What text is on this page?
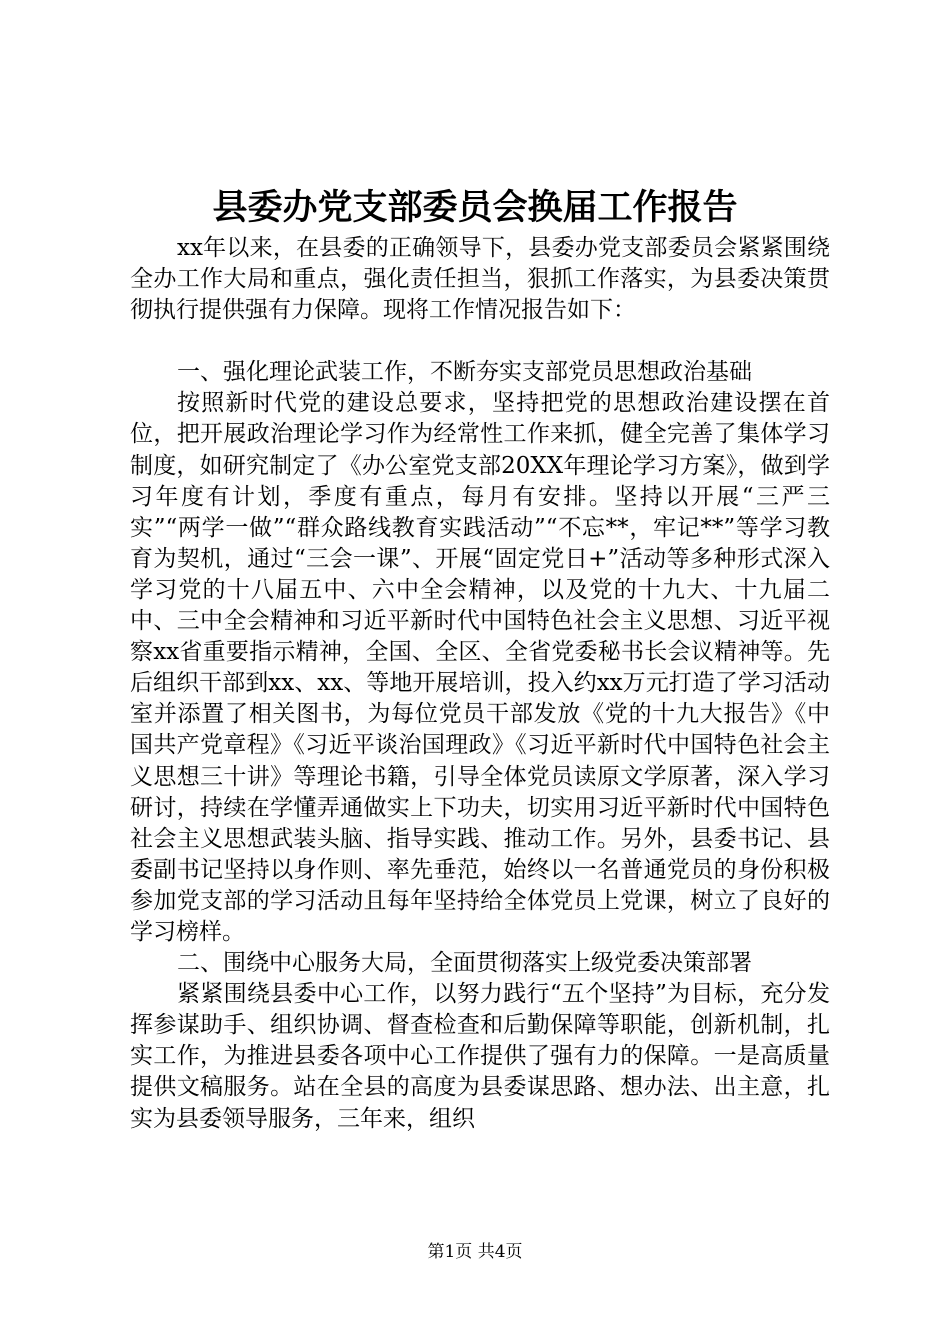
县委办党支部委员会换届工作报告

xx年以来，在县委的正确领导下，县委办党支部委员会紧紧围绕全办工作大局和重点，强化责任担当，狠抓工作落实，为县委决策贯彻执行提供强有力保障。现将工作情况报告如下：

一、强化理论武装工作，不断夯实支部党员思想政治基础

按照新时代党的建设总要求，坚持把党的思想政治建设摆在首位，把开展政治理论学习作为经常性工作来抓，健全完善了集体学习制度，如研究制定了《办公室党支部20XX年理论学习方案》，做到学习年度有计划，季度有重点，每月有安排。坚持以开展“三严三实”“两学一做”“群众路线教育实践活动”“不忘**，牢记**”等学习教育为契机，通过“三会一课”、开展“固定党日+”活动等多种形式深入学习党的十八届五中、六中全会精神，以及党的十九大、十九届二中、三中全会精神和习近平新时代中国特色社会主义思想、习近平视察xx省重要指示精神，全国、全区、全省党委秘书长会议精神等。先后组织干部到xx、xx、等地开展培训，投入约xx万元打造了学习活动室并添置了相关图书，为每位党员干部发放《党的十九大报告》《中国共产党章程》《习近平谈治国理政》《习近平新时代中国特色社会主义思想三十讲》等理论书籍，引导全体党员读原文学原著，深入学习研讨，持续在学懂弄通做实上下功夫，切实用习近平新时代中国特色社会主义思想武装头脑、指导实践、推动工作。另外，县委书记、县委副书记坚持以身作则、率先垂范，始终以一名普通党员的身份积极参加党支部的学习活动且每年坚持给全体党员上党课，树立了良好的学习榜样。

二、围绕中心服务大局，全面贯彻落实上级党委决策部署

紧紧围绕县委中心工作，以努力践行“五个坚持”为目标，充分发挥参谋助手、组织协调、督查检查和后勤保障等职能，创新机制，扎实工作，为推进县委各项中心工作提供了强有力的保障。一是高质量提供文稿服务。站在全县的高度为县委谋思路、想办法、出主意，扎实为县委领导服务，三年来，组织

第1页 共4页
